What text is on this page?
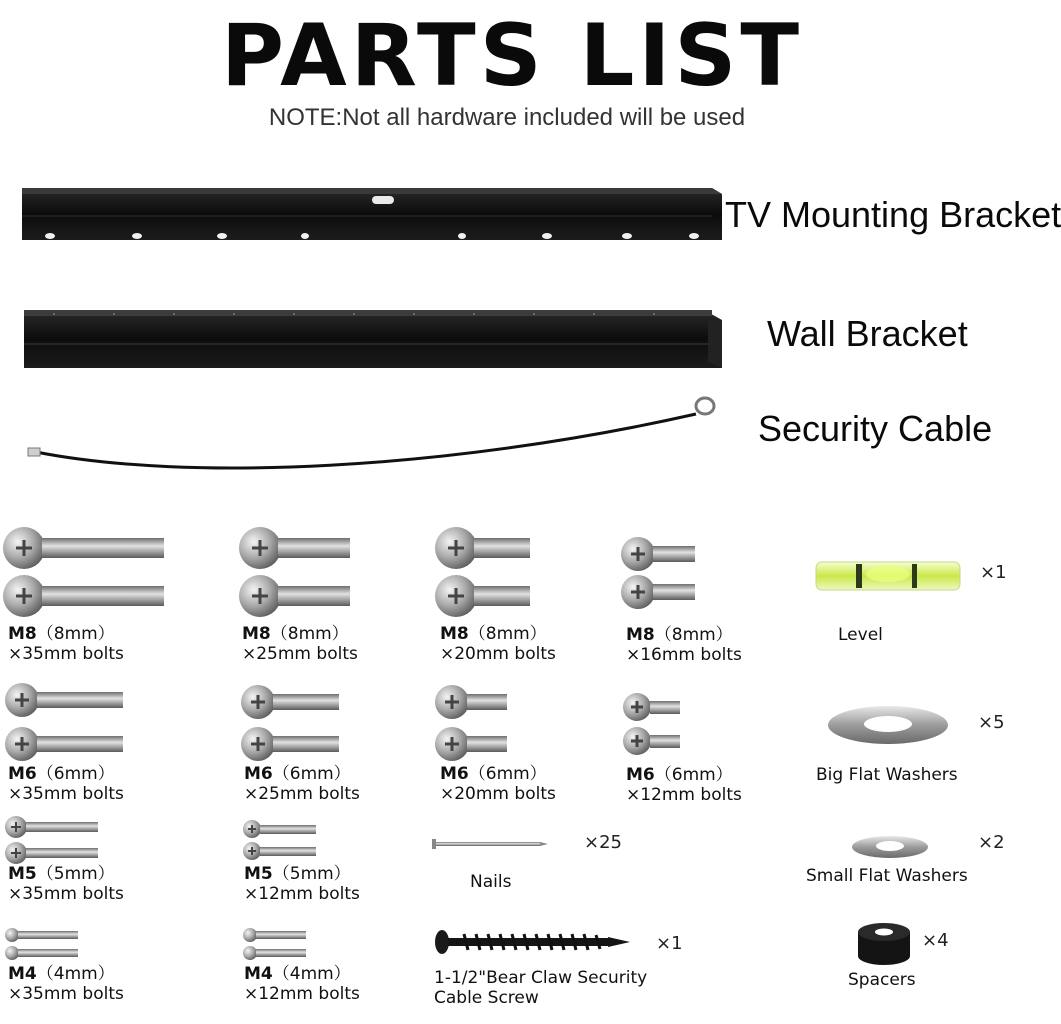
PARTS LIST
NOTE:Not all hardware included will be used
TV Mounting Bracket
Wall Bracket
Security Cable
M8（8mm）
×35mm bolts
M8（8mm）
×25mm bolts
M8（8mm）
×20mm bolts
M8（8mm）
×16mm bolts
M6（6mm）
×35mm bolts
M6（6mm）
×25mm bolts
M6（6mm）
×20mm bolts
M6（6mm）
×12mm bolts
M5（5mm）
×35mm bolts
M5（5mm）
×12mm bolts
M4（4mm）
×35mm bolts
M4（4mm）
×12mm bolts
×25
Nails
×1
1-1/2"Bear Claw Security
Cable Screw
×1
Level
×5
Big Flat Washers
×2
Small Flat Washers
×4
Spacers
